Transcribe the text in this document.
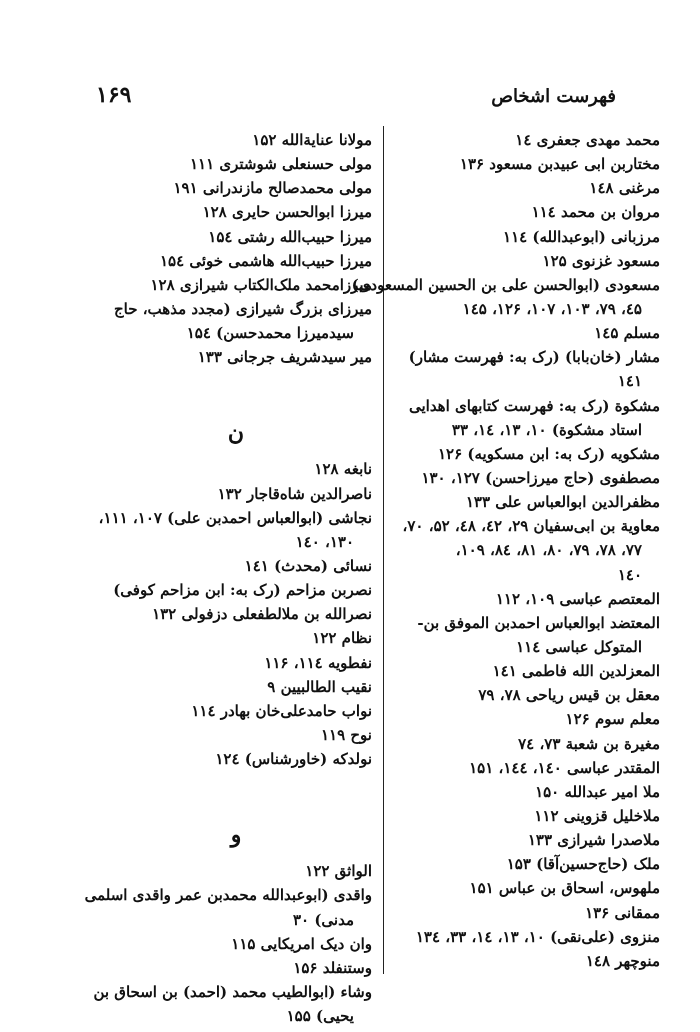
فهرست اشخاص
۱۶۹
محمد مهدی جعفری ۱٤
مختاربن ابی عبیدبن مسعود ۱۳۶
مرغنی ۱٤۸
مروان بن محمد ۱۱٤
مرزبانی (ابوعبدالله) ۱۱٤
مسعود غزنوی ۱۲۵
مسعودی (ابوالحسن علی بن الحسین المسعودی)
٤۵، ۷۹، ۱۰۳، ۱۰۷، ۱۲۶، ۱٤۵
مسلم ۱٤۵
مشار (خان‌بابا) (رک به: فهرست مشار)
۱٤۱
مشکوة (رک به: فهرست کتابهای اهدایی
استاد مشکوة) ۱۰، ۱۳، ۱٤، ۳۳
مشکویه (رک به: ابن مسکویه) ۱۲۶
مصطفوی (حاج میرزاحسن) ۱۲۷، ۱۳۰
مظفرالدین ابوالعباس علی ۱۳۳
معاویة بن ابی‌سفیان ۲۹، ٤۲، ٤۸، ۵۲، ۷۰،
۷۷، ۷۸، ۷۹، ۸۰، ۸۱، ۸٤، ۱۰۹،
۱٤۰
المعتصم عباسی ۱۰۹، ۱۱۲
المعتضد ابوالعباس احمدبن الموفق بن-
المتوکل عباسی ۱۱٤
المعزلدین الله فاطمی ۱٤۱
معقل بن قیس ریاحی ۷۸، ۷۹
معلم سوم ۱۲۶
مغیرة بن شعبة ۷۳، ۷٤
المقتدر عباسی ۱٤۰، ۱٤٤، ۱۵۱
ملا امیر عبدالله ۱۵۰
ملاخلیل قزوینی ۱۱۲
ملاصدرا شیرازی ۱۳۳
ملک (حاج‌حسین‌آقا) ۱۵۳
ملهوس، اسحاق بن عباس ۱۵۱
ممقانی ۱۳۶
منزوی (علی‌نقی) ۱۰، ۱۳، ۱٤، ۳۳، ۱۳٤
منوچهر ۱٤۸
مولانا عنایة‌الله ۱۵۲
مولی حسنعلی شوشتری ۱۱۱
مولی محمدصالح مازندرانی ۱۹۱
میرزا ابوالحسن حایری ۱۲۸
میرزا حبیب‌الله رشتی ۱۵٤
میرزا حبیب‌الله هاشمی خوئی ۱۵٤
میرزامحمد ملک‌الکتاب شیرازی ۱۲۸
میرزای بزرگ شیرازی (مجدد مذهب، حاج
سیدمیرزا محمدحسن) ۱۵٤
میر سیدشریف جرجانی ۱۳۳
ن
نابغه ۱۲۸
ناصرالدین شاه‌قاجار ۱۳۲
نجاشی (ابوالعباس احمدبن علی) ۱۰۷، ۱۱۱،
۱۳۰، ۱٤۰
نسائی (محدث) ۱٤۱
نصربن مزاحم (رک به: ابن مزاحم کوفی)
نصرالله بن ملالطفعلی دزفولی ۱۳۲
نظام ۱۲۲
نفطویه ۱۱٤، ۱۱۶
نقیب الطالبیین ۹
نواب حامدعلی‌خان بهادر ۱۱٤
نوح ۱۱۹
نولدکه (خاورشناس) ۱۲٤
و
الواثق ۱۲۲
واقدی (ابوعبدالله محمدبن عمر واقدی اسلمی
مدنی) ۳۰
وان دیک امریکایی ۱۱۵
وستنفلد ۱۵۶
وشاء (ابوالطیب محمد (احمد) بن اسحاق بن
یحیی) ۱۵۵
